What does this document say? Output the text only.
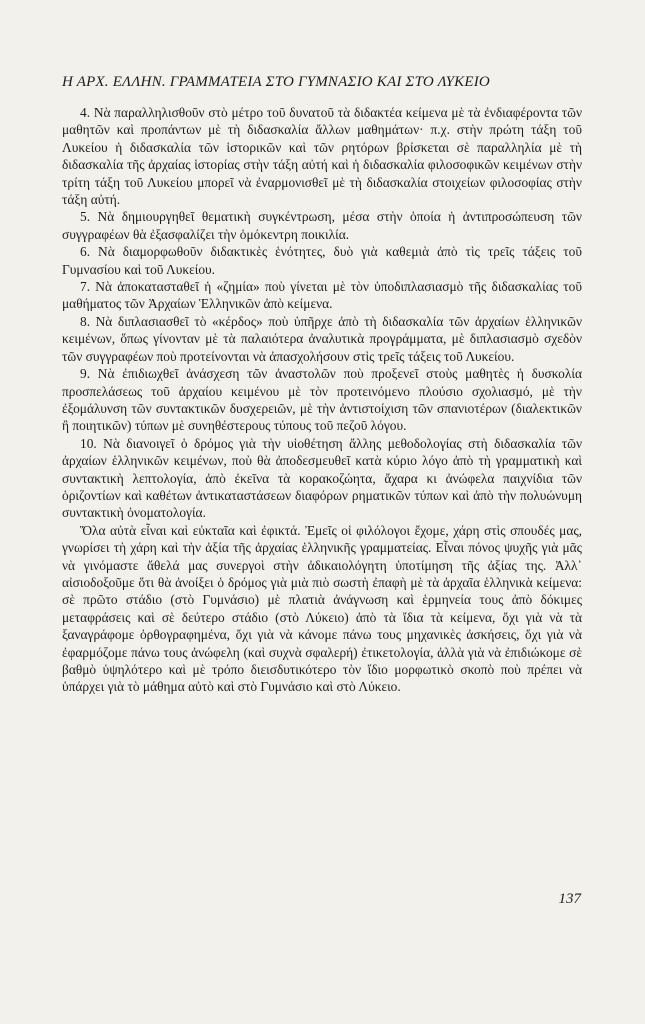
Η ΑΡΧ. ΕΛΛΗΝ. ΓΡΑΜΜΑΤΕΙΑ ΣΤΟ ΓΥΜΝΑΣΙΟ ΚΑΙ ΣΤΟ ΛΥΚΕΙΟ

4. Νὰ παραλληλισθοῦν στὸ μέτρο τοῦ δυνατοῦ τὰ διδακτέα κείμενα μὲ τὰ ἐνδιαφέροντα τῶν μαθητῶν καὶ προπάντων μὲ τὴ διδασκαλία ἄλλων μαθημάτων· π.χ. στὴν πρώτη τάξη τοῦ Λυκείου ἡ διδασκαλία τῶν ἱστορικῶν καὶ τῶν ρητόρων βρίσκεται σὲ παραλληλία μὲ τὴ διδασκαλία τῆς ἀρχαίας ἱστορίας στὴν τάξη αὐτή καὶ ἡ διδασκαλία φιλοσοφικῶν κειμένων στὴν τρίτη τάξη τοῦ Λυκείου μπορεῖ νὰ ἐναρμονισθεῖ μὲ τὴ διδασκαλία στοιχείων φιλοσοφίας στὴν τάξη αὐτή.

5. Νὰ δημιουργηθεῖ θεματικὴ συγκέντρωση, μέσα στὴν ὁποία ἡ ἀντιπροσώπευση τῶν συγγραφέων θὰ ἐξασφαλίζει τὴν ὁμόκεντρη ποικιλία.

6. Νὰ διαμορφωθοῦν διδακτικὲς ἑνότητες, δυὸ γιὰ καθεμιὰ ἀπὸ τὶς τρεῖς τάξεις τοῦ Γυμνασίου καὶ τοῦ Λυκείου.

7. Νὰ ἀποκατασταθεῖ ἡ «ζημία» ποὺ γίνεται μὲ τὸν ὑποδιπλασιασμὸ τῆς διδασκαλίας τοῦ μαθήματος τῶν Ἀρχαίων Ἑλληνικῶν ἀπὸ κείμενα.

8. Νὰ διπλασιασθεῖ τὸ «κέρδος» ποὺ ὑπῆρχε ἀπὸ τὴ διδασκαλία τῶν ἀρχαίων ἑλληνικῶν κειμένων, ὅπως γίνονταν μὲ τὰ παλαιότερα ἀναλυτικὰ προγράμματα, μὲ διπλασιασμὸ σχεδὸν τῶν συγγραφέων ποὺ προτείνονται νὰ ἀπασχολήσουν στὶς τρεῖς τάξεις τοῦ Λυκείου.

9. Νὰ ἐπιδιωχθεῖ ἀνάσχεση τῶν ἀναστολῶν ποὺ προξενεῖ στοὺς μαθητὲς ἡ δυσκολία προσπελάσεως τοῦ ἀρχαίου κειμένου μὲ τὸν προτεινόμενο πλούσιο σχολιασμό, μὲ τὴν ἐξομάλυνση τῶν συντακτικῶν δυσχερειῶν, μὲ τὴν ἀντιστοίχιση τῶν σπανιοτέρων (διαλεκτικῶν ἢ ποιητικῶν) τύπων μὲ συνηθέστερους τύπους τοῦ πεζοῦ λόγου.

10. Νὰ διανοιγεῖ ὁ δρόμος γιὰ τὴν υἱοθέτηση ἄλλης μεθοδολογίας στὴ διδασκαλία τῶν ἀρχαίων ἑλληνικῶν κειμένων, ποὺ θὰ ἀποδεσμευθεῖ κατὰ κύριο λόγο ἀπὸ τὴ γραμματικὴ καὶ συντακτικὴ λεπτολογία, ἀπὸ ἐκεῖνα τὰ κορακοζώητα, ἄχαρα κι ἀνώφελα παιχνίδια τῶν ὁριζοντίων καὶ καθέτων ἀντικαταστάσεων διαφόρων ρηματικῶν τύπων καὶ ἀπὸ τὴν πολυώνυμη συντακτικὴ ὀνοματολογία.

Ὅλα αὐτὰ εἶναι καὶ εὐκταῖα καὶ ἐφικτά. Ἐμεῖς οἱ φιλόλογοι ἔχομε, χάρη στὶς σπουδές μας, γνωρίσει τὴ χάρη καὶ τὴν ἀξία τῆς ἀρχαίας ἑλληνικῆς γραμματείας. Εἶναι πόνος ψυχῆς γιὰ μᾶς νὰ γινόμαστε ἄθελά μας συνεργοὶ στὴν ἀδικαιολόγητη ὑποτίμηση τῆς ἀξίας της. Ἀλλ᾽ αἰσιοδοξοῦμε ὅτι θὰ ἀνοίξει ὁ δρόμος γιὰ μιὰ πιὸ σωστὴ ἐπαφὴ μὲ τὰ ἀρχαῖα ἑλληνικὰ κείμενα: σὲ πρῶτο στάδιο (στὸ Γυμνάσιο) μὲ πλατιὰ ἀνάγνωση καὶ ἑρμηνεία τους ἀπὸ δόκιμες μεταφράσεις καὶ σὲ δεύτερο στάδιο (στὸ Λύκειο) ἀπὸ τὰ ἴδια τὰ κείμενα, ὄχι γιὰ νὰ τὰ ξαναγράφομε ὀρθογραφημένα, ὄχι γιὰ νὰ κάνομε πάνω τους μηχανικὲς ἀσκήσεις, ὄχι γιὰ νὰ ἐφαρμόζομε πάνω τους ἀνώφελη (καὶ συχνὰ σφαλερή) ἐτικετολογία, ἀλλὰ γιὰ νὰ ἐπιδιώκομε σὲ βαθμὸ ὑψηλότερο καὶ μὲ τρόπο διεισδυτικότερο τὸν ἴδιο μορφωτικὸ σκοπὸ ποὺ πρέπει νὰ ὑπάρχει γιὰ τὸ μάθημα αὐτὸ καὶ στὸ Γυμνάσιο καὶ στὸ Λύκειο.

137
